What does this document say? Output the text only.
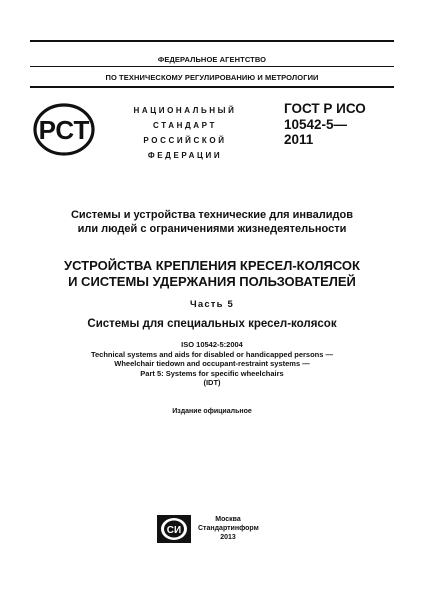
ФЕДЕРАЛЬНОЕ АГЕНТСТВО
ПО ТЕХНИЧЕСКОМУ РЕГУЛИРОВАНИЮ И МЕТРОЛОГИИ
РСТ
НАЦИОНАЛЬНЫЙ
СТАНДАРТ
РОССИЙСКОЙ
ФЕДЕРАЦИИ
ГОСТ Р ИСО
10542-5—
2011
Системы и устройства технические для инвалидов
или людей с ограничениями жизнедеятельности
УСТРОЙСТВА КРЕПЛЕНИЯ КРЕСЕЛ-КОЛЯСОК
И СИСТЕМЫ УДЕРЖАНИЯ ПОЛЬЗОВАТЕЛЕЙ
Часть 5
Системы для специальных кресел-колясок
ISO 10542-5:2004
Technical systems and aids for disabled or handicapped persons —
Wheelchair tiedown and occupant-restraint systems —
Part 5: Systems for specific wheelchairs
(IDT)
Издание официальное
СИ
Москва
Стандартинформ
2013
